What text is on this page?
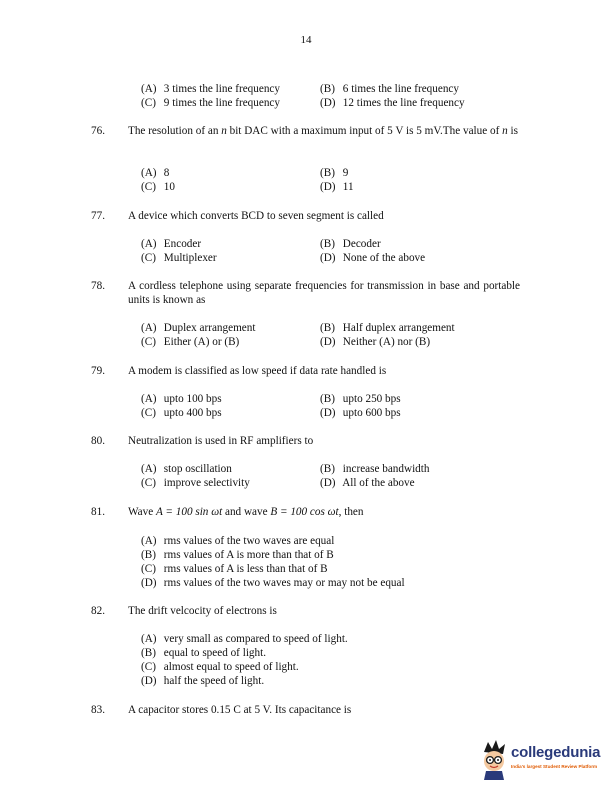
14
(A) 3 times the line frequency	(B) 6 times the line frequency
(C) 9 times the line frequency	(D) 12 times the line frequency
76. The resolution of an n bit DAC with a maximum input of 5 V is 5 mV.The value of n is
(A) 8	(B) 9
(C) 10	(D) 11
77. A device which converts BCD to seven segment is called
(A) Encoder	(B) Decoder
(C) Multiplexer	(D) None of the above
78. A cordless telephone using separate frequencies for transmission in base and portable units is known as
(A) Duplex arrangement	(B) Half duplex arrangement
(C) Either (A) or (B)	(D) Neither (A) nor (B)
79. A modem is classified as low speed if data rate handled is
(A) upto 100 bps	(B) upto 250 bps
(C) upto 400 bps	(D) upto 600 bps
80. Neutralization is used in RF amplifiers to
(A) stop oscillation	(B) increase bandwidth
(C) improve selectivity	(D) All of the above
81. Wave A = 100 sin ωt and wave B = 100 cos ωt, then
(A) rms values of the two waves are equal
(B) rms values of A is more than that of B
(C) rms values of A is less than that of B
(D) rms values of the two waves may or may not be equal
82. The drift velcocity of electrons is
(A) very small as compared to speed of light.
(B) equal to speed of light.
(C) almost equal to speed of light.
(D) half the speed of light.
83. A capacitor stores 0.15 C at 5 V. Its capacitance is
collegedunia
India's largest Student Review Platform
